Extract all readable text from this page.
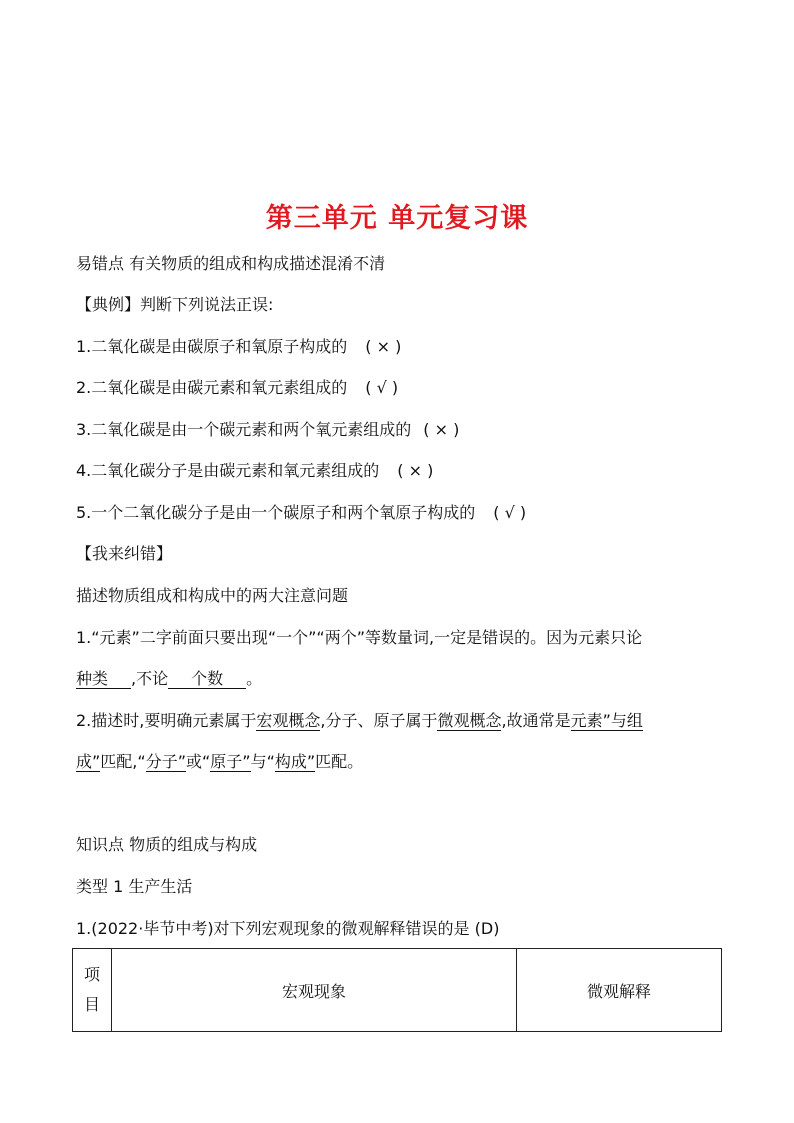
第三单元 单元复习课
易错点 有关物质的组成和构成描述混淆不清
【典例】判断下列说法正误:
1.二氧化碳是由碳原子和氧原子构成的 ( × )
2.二氧化碳是由碳元素和氧元素组成的 ( √ )
3.二氧化碳是由一个碳元素和两个氧元素组成的 ( × )
4.二氧化碳分子是由碳元素和氧元素组成的 ( × )
5.一个二氧化碳分子是由一个碳原子和两个氧原子构成的 ( √ )
【我来纠错】
描述物质组成和构成中的两大注意问题
1.“元素”二字前面只要出现“一个”“两个”等数量词,一定是错误的。因为元素只论
种类 ,不论 个数 。
2.描述时,要明确元素属于宏观概念,分子、原子属于微观概念,故通常是元素”与组
成”匹配,“分子”或“原子”与“构成”匹配。
知识点 物质的组成与构成
类型 1 生产生活
1.(2022·毕节中考)对下列宏观现象的微观解释错误的是 (D)
项
目	宏观现象	微观解释
